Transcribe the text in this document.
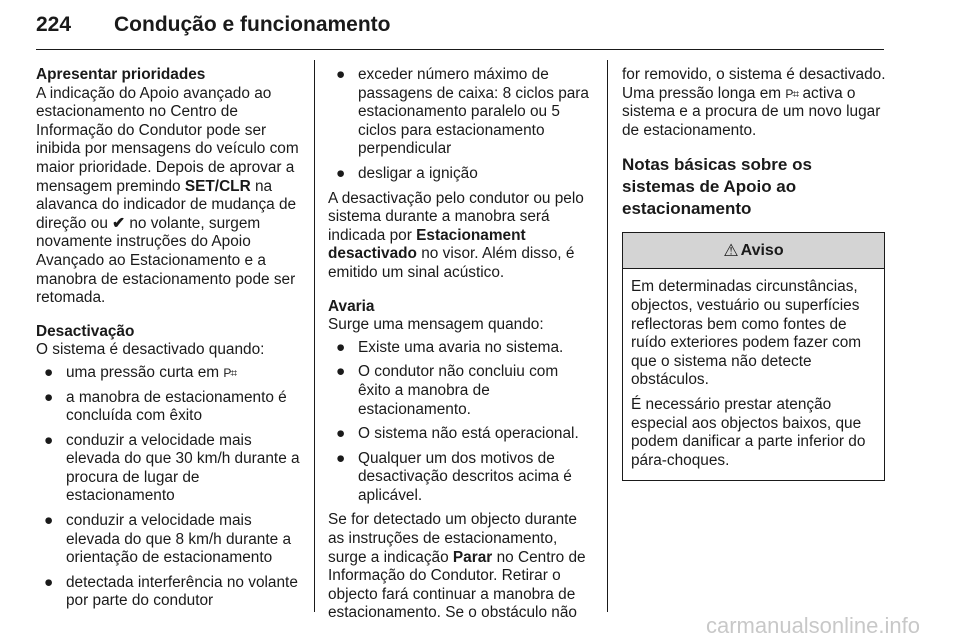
224 Condução e funcionamento
Apresentar prioridades

A indicação do Apoio avançado ao estacionamento no Centro de Informação do Condutor pode ser inibida por mensagens do veículo com maior prioridade. Depois de aprovar a mensagem premindo SET/CLR na alavanca do indicador de mudança de direção ou ✔ no volante, surgem novamente instruções do Apoio Avançado ao Estacionamento e a manobra de estacionamento pode ser retomada.

Desactivação

O sistema é desactivado quando:

● uma pressão curta em P⌗
● a manobra de estacionamento é concluída com êxito
● conduzir a velocidade mais elevada do que 30 km/h durante a procura de lugar de estacionamento
● conduzir a velocidade mais elevada do que 8 km/h durante a orientação de estacionamento
● detectada interferência no volante por parte do condutor
● exceder número máximo de passagens de caixa: 8 ciclos para estacionamento paralelo ou 5 ciclos para estacionamento perpendicular
● desligar a ignição

A desactivação pelo condutor ou pelo sistema durante a manobra será indicada por Estacionament desactivado no visor. Além disso, é emitido um sinal acústico.

Avaria

Surge uma mensagem quando:

● Existe uma avaria no sistema.
● O condutor não concluiu com êxito a manobra de estacionamento.
● O sistema não está operacional.
● Qualquer um dos motivos de desactivação descritos acima é aplicável.

Se for detectado um objecto durante as instruções de estacionamento, surge a indicação Parar no Centro de Informação do Condutor. Retirar o objecto fará continuar a manobra de estacionamento. Se o obstáculo não

for removido, o sistema é desactivado. Uma pressão longa em P⌗ activa o sistema e a procura de um novo lugar de estacionamento.

Notas básicas sobre os sistemas de Apoio ao estacionamento
⚠ Aviso

Em determinadas circunstâncias, objectos, vestuário ou superfícies reflectoras bem como fontes de ruído exteriores podem fazer com que o sistema não detecte obstáculos.

É necessário prestar atenção especial aos objectos baixos, que podem danificar a parte inferior do pára-choques.

carmanualsonline.info
